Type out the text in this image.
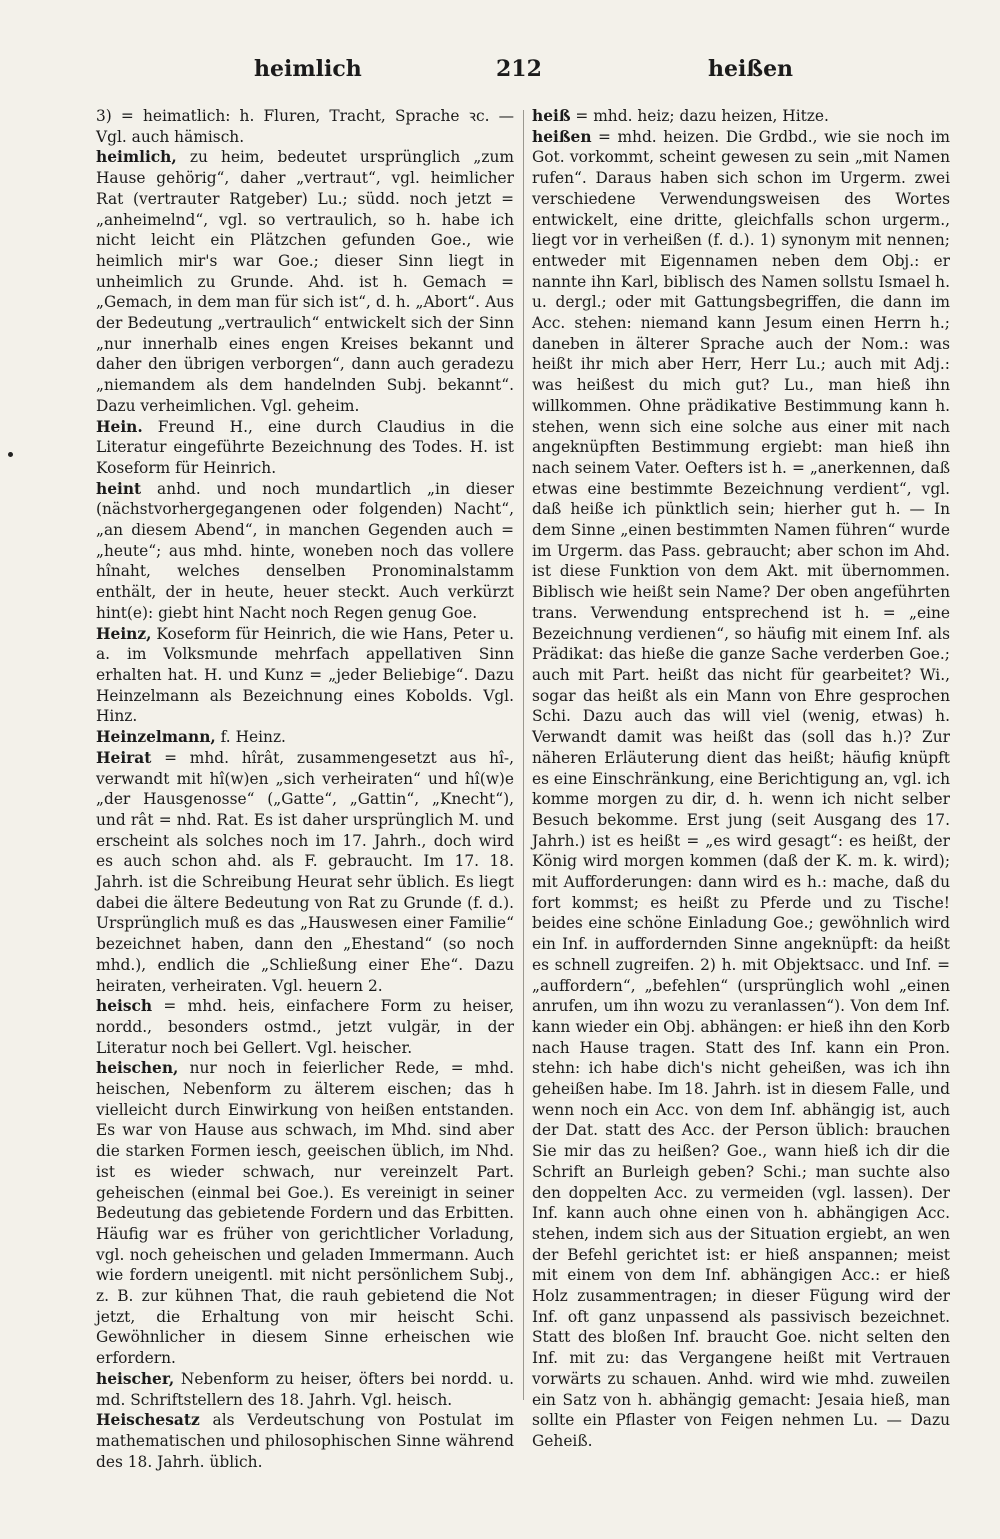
heimlich	212	heißen

3) = heimatlich: h. Fluren, Tracht, Sprache ꝛc. — Vgl. auch hämisch.

heimlich, zu heim, bedeutet ursprünglich „zum Hause gehörig“, daher „vertraut“, vgl. heimlicher Rat (vertrauter Ratgeber) Lu.; südd. noch jetzt = „anheimelnd“, vgl. so vertraulich, so h. habe ich nicht leicht ein Plätzchen gefunden Goe., wie heimlich mir's war Goe.; dieser Sinn liegt in unheimlich zu Grunde. Ahd. ist h. Gemach = „Gemach, in dem man für sich ist“, d. h. „Abort“. Aus der Bedeutung „vertraulich“ entwickelt sich der Sinn „nur innerhalb eines engen Kreises bekannt und daher den übrigen verborgen“, dann auch geradezu „niemandem als dem handelnden Subj. bekannt“. Dazu verheimlichen. Vgl. geheim.

Hein. Freund H., eine durch Claudius in die Literatur eingeführte Bezeichnung des Todes. H. ist Koseform für Heinrich.

heint anhd. und noch mundartlich „in dieser (nächstvorhergegangenen oder folgenden) Nacht“, „an diesem Abend“, in manchen Gegenden auch = „heute“; aus mhd. hinte, woneben noch das vollere hînaht, welches denselben Pronominalstamm enthält, der in heute, heuer steckt. Auch verkürzt hint(e): giebt hint Nacht noch Regen genug Goe.

Heinz, Koseform für Heinrich, die wie Hans, Peter u. a. im Volksmunde mehrfach appellativen Sinn erhalten hat. H. und Kunz = „jeder Beliebige“. Dazu Heinzelmann als Bezeichnung eines Kobolds. Vgl. Hinz.

Heinzelmann, f. Heinz.

Heirat = mhd. hîrât, zusammengesetzt aus hî-, verwandt mit hî(w)en „sich verheiraten“ und hî(w)e „der Hausgenosse“ („Gatte“, „Gattin“, „Knecht“), und rât = nhd. Rat. Es ist daher ursprünglich M. und erscheint als solches noch im 17. Jahrh., doch wird es auch schon ahd. als F. gebraucht. Im 17. 18. Jahrh. ist die Schreibung Heurat sehr üblich. Es liegt dabei die ältere Bedeutung von Rat zu Grunde (f. d.). Ursprünglich muß es das „Hauswesen einer Familie“ bezeichnet haben, dann den „Ehestand“ (so noch mhd.), endlich die „Schließung einer Ehe“. Dazu heiraten, verheiraten. Vgl. heuern 2.

heisch = mhd. heis, einfachere Form zu heiser, nordd., besonders ostmd., jetzt vulgär, in der Literatur noch bei Gellert. Vgl. heischer.

heischen, nur noch in feierlicher Rede, = mhd. heischen, Nebenform zu älterem eischen; das h vielleicht durch Einwirkung von heißen entstanden. Es war von Hause aus schwach, im Mhd. sind aber die starken Formen iesch, geeischen üblich, im Nhd. ist es wieder schwach, nur vereinzelt Part. geheischen (einmal bei Goe.). Es vereinigt in seiner Bedeutung das gebietende Fordern und das Erbitten. Häufig war es früher von gerichtlicher Vorladung, vgl. noch geheischen und geladen Immermann. Auch wie fordern uneigentl. mit nicht persönlichem Subj., z. B. zur kühnen That, die rauh gebietend die Not jetzt, die Erhaltung von mir heischt Schi. Gewöhnlicher in diesem Sinne erheischen wie erfordern.

heischer, Nebenform zu heiser, öfters bei nordd. u. md. Schriftstellern des 18. Jahrh. Vgl. heisch.

Heischesatz als Verdeutschung von Postulat im mathematischen und philosophischen Sinne während des 18. Jahrh. üblich.

heiß = mhd. heiz; dazu heizen, Hitze.

heißen = mhd. heizen. Die Grdbd., wie sie noch im Got. vorkommt, scheint gewesen zu sein „mit Namen rufen“. Daraus haben sich schon im Urgerm. zwei verschiedene Verwendungsweisen des Wortes entwickelt, eine dritte, gleichfalls schon urgerm., liegt vor in verheißen (f. d.). 1) synonym mit nennen; entweder mit Eigennamen neben dem Obj.: er nannte ihn Karl, biblisch des Namen sollstu Ismael h. u. dergl.; oder mit Gattungsbegriffen, die dann im Acc. stehen: niemand kann Jesum einen Herrn h.; daneben in älterer Sprache auch der Nom.: was heißt ihr mich aber Herr, Herr Lu.; auch mit Adj.: was heißest du mich gut? Lu., man hieß ihn willkommen. Ohne prädikative Bestimmung kann h. stehen, wenn sich eine solche aus einer mit nach angeknüpften Bestimmung ergiebt: man hieß ihn nach seinem Vater. Oefters ist h. = „anerkennen, daß etwas eine bestimmte Bezeichnung verdient“, vgl. daß heiße ich pünktlich sein; hierher gut h. — In dem Sinne „einen bestimmten Namen führen“ wurde im Urgerm. das Pass. gebraucht; aber schon im Ahd. ist diese Funktion von dem Akt. mit übernommen. Biblisch wie heißt sein Name? Der oben angeführten trans. Verwendung entsprechend ist h. = „eine Bezeichnung verdienen“, so häufig mit einem Inf. als Prädikat: das hieße die ganze Sache verderben Goe.; auch mit Part. heißt das nicht für gearbeitet? Wi., sogar das heißt als ein Mann von Ehre gesprochen Schi. Dazu auch das will viel (wenig, etwas) h. Verwandt damit was heißt das (soll das h.)? Zur näheren Erläuterung dient das heißt; häufig knüpft es eine Einschränkung, eine Berichtigung an, vgl. ich komme morgen zu dir, d. h. wenn ich nicht selber Besuch bekomme. Erst jung (seit Ausgang des 17. Jahrh.) ist es heißt = „es wird gesagt“: es heißt, der König wird morgen kommen (daß der K. m. k. wird); mit Aufforderungen: dann wird es h.: mache, daß du fort kommst; es heißt zu Pferde und zu Tische! beides eine schöne Einladung Goe.; gewöhnlich wird ein Inf. in auffordernden Sinne angeknüpft: da heißt es schnell zugreifen. 2) h. mit Objektsacc. und Inf. = „auffordern“, „befehlen“ (ursprünglich wohl „einen anrufen, um ihn wozu zu veranlassen“). Von dem Inf. kann wieder ein Obj. abhängen: er hieß ihn den Korb nach Hause tragen. Statt des Inf. kann ein Pron. stehn: ich habe dich's nicht geheißen, was ich ihn geheißen habe. Im 18. Jahrh. ist in diesem Falle, und wenn noch ein Acc. von dem Inf. abhängig ist, auch der Dat. statt des Acc. der Person üblich: brauchen Sie mir das zu heißen? Goe., wann hieß ich dir die Schrift an Burleigh geben? Schi.; man suchte also den doppelten Acc. zu vermeiden (vgl. lassen). Der Inf. kann auch ohne einen von h. abhängigen Acc. stehen, indem sich aus der Situation ergiebt, an wen der Befehl gerichtet ist: er hieß anspannen; meist mit einem von dem Inf. abhängigen Acc.: er hieß Holz zusammentragen; in dieser Fügung wird der Inf. oft ganz unpassend als passivisch bezeichnet. Statt des bloßen Inf. braucht Goe. nicht selten den Inf. mit zu: das Vergangene heißt mit Vertrauen vorwärts zu schauen. Anhd. wird wie mhd. zuweilen ein Satz von h. abhängig gemacht: Jesaia hieß, man sollte ein Pflaster von Feigen nehmen Lu. — Dazu Geheiß.
